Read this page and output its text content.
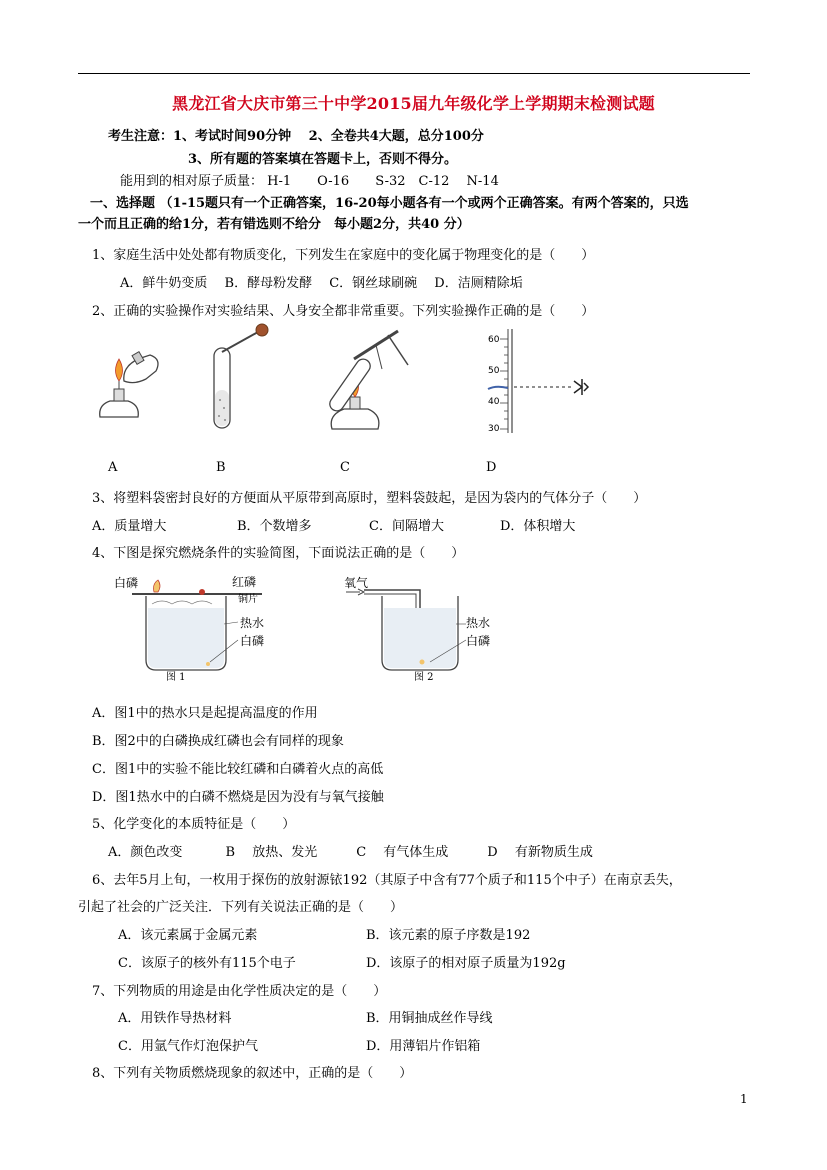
黑龙江省大庆市第三十中学2015届九年级化学上学期期末检测试题
考生注意：1、考试时间90分钟　 2、全卷共4大题，总分100分
3、所有题的答案填在答题卡上，否则不得分。
能用到的相对原子质量： H-1　　O-16　　S-32　C-12　 N-14
一、选择题 （1-15题只有一个正确答案，16-20每小题各有一个或两个正确答案。有两个答案的，只选
一个而且正确的给1分，若有错选则不给分　每小题2分，共40 分）
1、家庭生活中处处都有物质变化，下列发生在家庭中的变化属于物理变化的是（　　）
A．鲜牛奶变质　 B．酵母粉发酵　 C．钢丝球刷碗　 D．洁厕精除垢
2、正确的实验操作对实验结果、人身安全都非常重要。下列实验操作正确的是（　　）
60
50
40
30
A	B	C	D
3、将塑料袋密封良好的方便面从平原带到高原时，塑料袋鼓起，是因为袋内的气体分子（　　）
A．质量增大	B．个数增多	C．间隔增大	D．体积增大
4、下图是探究燃烧条件的实验简图，下面说法正确的是（　　）
白磷	红磷
铜片
热水
白磷
图 1
氧气
热水
白磷
图 2
A．图1中的热水只是起提高温度的作用
B．图2中的白磷换成红磷也会有同样的现象
C．图1中的实验不能比较红磷和白磷着火点的高低
D．图1热水中的白磷不燃烧是因为没有与氧气接触
5、化学变化的本质特征是（　　）
A．颜色改变　　　 B　 放热、发光　　　C　 有气体生成　　　D　 有新物质生成
6、去年5月上旬，一枚用于探伤的放射源铱192（其原子中含有77个质子和115个中子）在南京丢失，
引起了社会的广泛关注．下列有关说法正确的是（　　）
A．该元素属于金属元素	B．该元素的原子序数是192
C．该原子的核外有115个电子	D．该原子的相对原子质量为192g
7、下列物质的用途是由化学性质决定的是（　　）
A．用铁作导热材料	B．用铜抽成丝作导线
C．用氩气作灯泡保护气	D．用薄铝片作铝箱
8、下列有关物质燃烧现象的叙述中，正确的是（　　）
1
